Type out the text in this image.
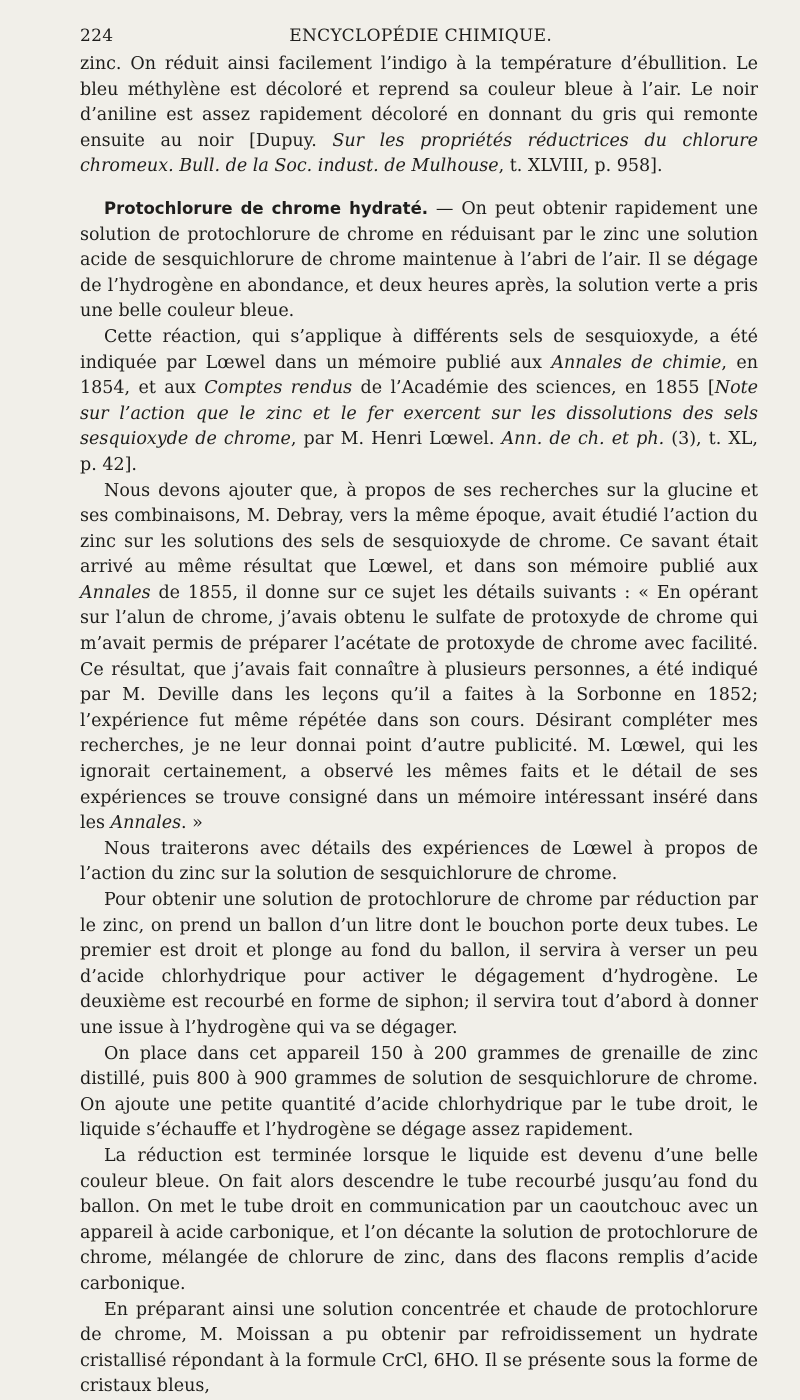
224	ENCYCLOPÉDIE CHIMIQUE.

zinc. On réduit ainsi facilement l’indigo à la température d’ébullition. Le bleu méthylène est décoloré et reprend sa couleur bleue à l’air. Le noir d’aniline est assez rapidement décoloré en donnant du gris qui remonte ensuite au noir [Dupuy. Sur les propriétés réductrices du chlorure chromeux. Bull. de la Soc. indust. de Mulhouse, t. XLVIII, p. 958].

Protochlorure de chrome hydraté. — On peut obtenir rapidement une solution de protochlorure de chrome en réduisant par le zinc une solution acide de sesquichlorure de chrome maintenue à l’abri de l’air. Il se dégage de l’hydrogène en abondance, et deux heures après, la solution verte a pris une belle couleur bleue.

Cette réaction, qui s’applique à différents sels de sesquioxyde, a été indiquée par Lœwel dans un mémoire publié aux Annales de chimie, en 1854, et aux Comptes rendus de l’Académie des sciences, en 1855 [Note sur l’action que le zinc et le fer exercent sur les dissolutions des sels sesquioxyde de chrome, par M. Henri Lœwel. Ann. de ch. et ph. (3), t. XL, p. 42].

Nous devons ajouter que, à propos de ses recherches sur la glucine et ses combinaisons, M. Debray, vers la même époque, avait étudié l’action du zinc sur les solutions des sels de sesquioxyde de chrome. Ce savant était arrivé au même résultat que Lœwel, et dans son mémoire publié aux Annales de 1855, il donne sur ce sujet les détails suivants : « En opérant sur l’alun de chrome, j’avais obtenu le sulfate de protoxyde de chrome qui m’avait permis de préparer l’acétate de protoxyde de chrome avec facilité. Ce résultat, que j’avais fait connaître à plusieurs personnes, a été indiqué par M. Deville dans les leçons qu’il a faites à la Sorbonne en 1852; l’expérience fut même répétée dans son cours. Désirant compléter mes recherches, je ne leur donnai point d’autre publicité. M. Lœwel, qui les ignorait certainement, a observé les mêmes faits et le détail de ses expériences se trouve consigné dans un mémoire intéressant inséré dans les Annales. »

Nous traiterons avec détails des expériences de Lœwel à propos de l’action du zinc sur la solution de sesquichlorure de chrome.

Pour obtenir une solution de protochlorure de chrome par réduction par le zinc, on prend un ballon d’un litre dont le bouchon porte deux tubes. Le premier est droit et plonge au fond du ballon, il servira à verser un peu d’acide chlorhydrique pour activer le dégagement d’hydrogène. Le deuxième est recourbé en forme de siphon; il servira tout d’abord à donner une issue à l’hydrogène qui va se dégager.

On place dans cet appareil 150 à 200 grammes de grenaille de zinc distillé, puis 800 à 900 grammes de solution de sesquichlorure de chrome. On ajoute une petite quantité d’acide chlorhydrique par le tube droit, le liquide s’échauffe et l’hydrogène se dégage assez rapidement.

La réduction est terminée lorsque le liquide est devenu d’une belle couleur bleue. On fait alors descendre le tube recourbé jusqu’au fond du ballon. On met le tube droit en communication par un caoutchouc avec un appareil à acide carbonique, et l’on décante la solution de protochlorure de chrome, mélangée de chlorure de zinc, dans des flacons remplis d’acide carbonique.

En préparant ainsi une solution concentrée et chaude de protochlorure de chrome, M. Moissan a pu obtenir par refroidissement un hydrate cristallisé répondant à la formule CrCl, 6HO. Il se présente sous la forme de cristaux bleus,
